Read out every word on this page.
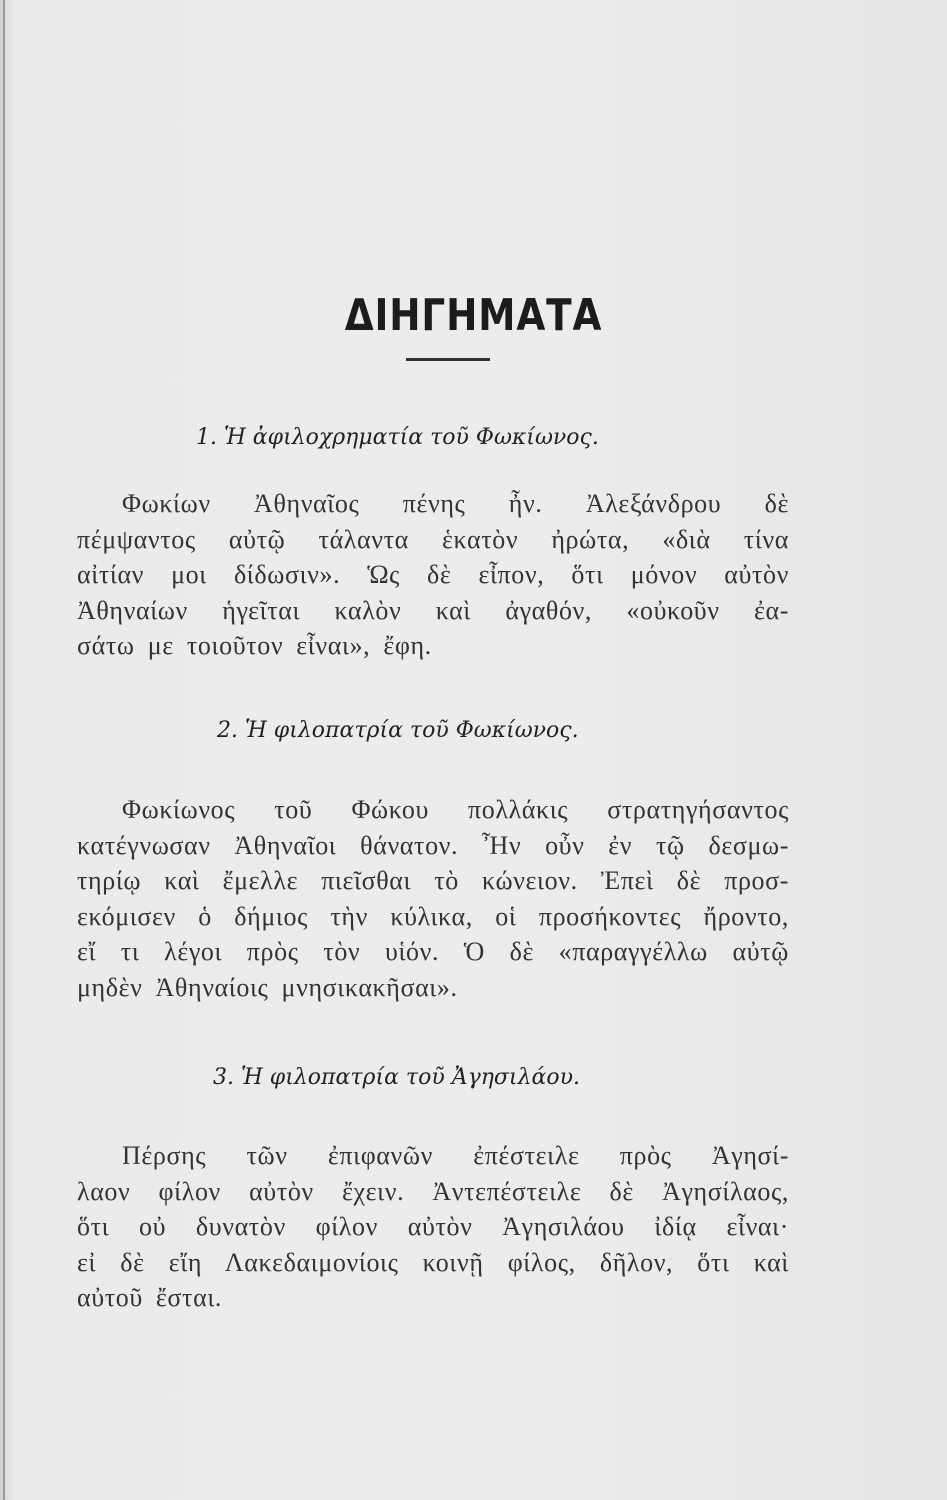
ΔΙΗΓΗΜΑΤΑ
1. Ἡ ἀφιλοχρηματία τοῦ Φωκίωνος.
Φωκίων Ἀθηναῖος πένης ἦν. Ἀλεξάνδρου δὲ
πέμψαντος αὐτῷ τάλαντα ἑκατὸν ἠρώτα, «διὰ τίνα
αἰτίαν μοι δίδωσιν». Ὡς δὲ εἶπον, ὅτι μόνον αὐτὸν
Ἀθηναίων ἡγεῖται καλὸν καὶ ἀγαθόν, «οὐκοῦν ἐα-
σάτω με τοιοῦτον εἶναι», ἔφη.
2. Ἡ φιλοπατρία τοῦ Φωκίωνος.
Φωκίωνος τοῦ Φώκου πολλάκις στρατηγήσαντος
κατέγνωσαν Ἀθηναῖοι θάνατον. Ἦν οὖν ἐν τῷ δεσμω-
τηρίῳ καὶ ἔμελλε πιεῖσθαι τὸ κώνειον. Ἐπεὶ δὲ προσ-
εκόμισεν ὁ δήμιος τὴν κύλικα, οἱ προσήκοντες ἤροντο,
εἴ τι λέγοι πρὸς τὸν υἱόν. Ὁ δὲ «παραγγέλλω αὐτῷ
μηδὲν Ἀθηναίοις μνησικακῆσαι».
3. Ἡ φιλοπατρία τοῦ Ἀγησιλάου.
Πέρσης τῶν ἐπιφανῶν ἐπέστειλε πρὸς Ἀγησί-
λαον φίλον αὐτὸν ἔχειν. Ἀντεπέστειλε δὲ Ἀγησίλαος,
ὅτι οὐ δυνατὸν φίλον αὐτὸν Ἀγησιλάου ἰδίᾳ εἶναι·
εἰ δὲ εἴη Λακεδαιμονίοις κοινῇ φίλος, δῆλον, ὅτι καὶ
αὐτοῦ ἔσται.
